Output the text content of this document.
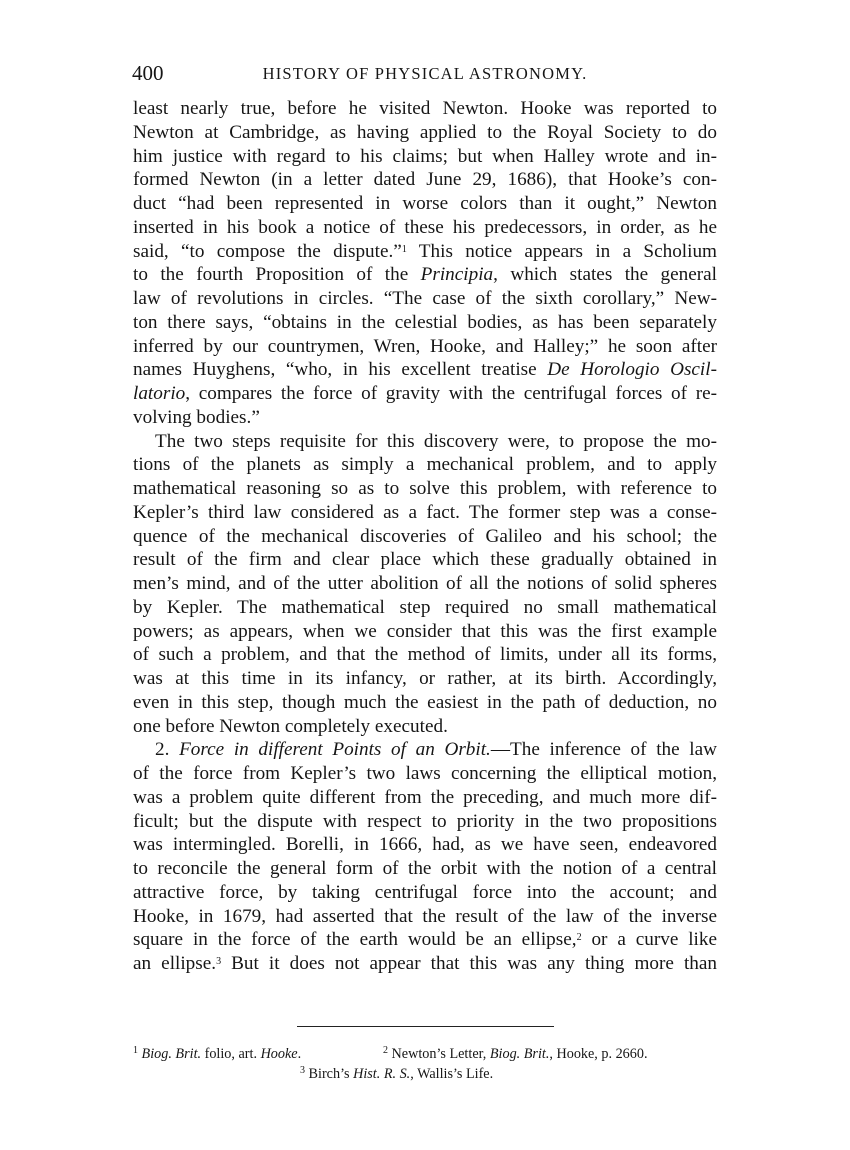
400	HISTORY OF PHYSICAL ASTRONOMY.
least nearly true, before he visited Newton. Hooke was reported to
Newton at Cambridge, as having applied to the Royal Society to do
him justice with regard to his claims; but when Halley wrote and in-
formed Newton (in a letter dated June 29, 1686), that Hooke’s con-
duct “had been represented in worse colors than it ought,” Newton
inserted in his book a notice of these his predecessors, in order, as he
said, “to compose the dispute.”$^1$ This notice appears in a Scholium
to the fourth Proposition of the Principia, which states the general
law of revolutions in circles. “The case of the sixth corollary,” New-
ton there says, “obtains in the celestial bodies, as has been separately
inferred by our countrymen, Wren, Hooke, and Halley;” he soon after
names Huyghens, “who, in his excellent treatise De Horologio Oscil-
latorio, compares the force of gravity with the centrifugal forces of re-
volving bodies.”
The two steps requisite for this discovery were, to propose the mo-
tions of the planets as simply a mechanical problem, and to apply
mathematical reasoning so as to solve this problem, with reference to
Kepler’s third law considered as a fact. The former step was a conse-
quence of the mechanical discoveries of Galileo and his school; the
result of the firm and clear place which these gradually obtained in
men’s mind, and of the utter abolition of all the notions of solid spheres
by Kepler. The mathematical step required no small mathematical
powers; as appears, when we consider that this was the first example
of such a problem, and that the method of limits, under all its forms,
was at this time in its infancy, or rather, at its birth. Accordingly,
even in this step, though much the easiest in the path of deduction, no
one before Newton completely executed.
2. Force in different Points of an Orbit.—The inference of the law
of the force from Kepler’s two laws concerning the elliptical motion,
was a problem quite different from the preceding, and much more dif-
ficult; but the dispute with respect to priority in the two propositions
was intermingled. Borelli, in 1666, had, as we have seen, endeavored
to reconcile the general form of the orbit with the notion of a central
attractive force, by taking centrifugal force into the account; and
Hooke, in 1679, had asserted that the result of the law of the inverse
square in the force of the earth would be an ellipse,$^2$ or a curve like
an ellipse.$^3$ But it does not appear that this was any thing more than
$^1$ Biog. Brit. folio, art. Hooke.	$^2$ Newton’s Letter, Biog. Brit., Hooke, p. 2660.
$^3$ Birch’s Hist. R. S., Wallis’s Life.
